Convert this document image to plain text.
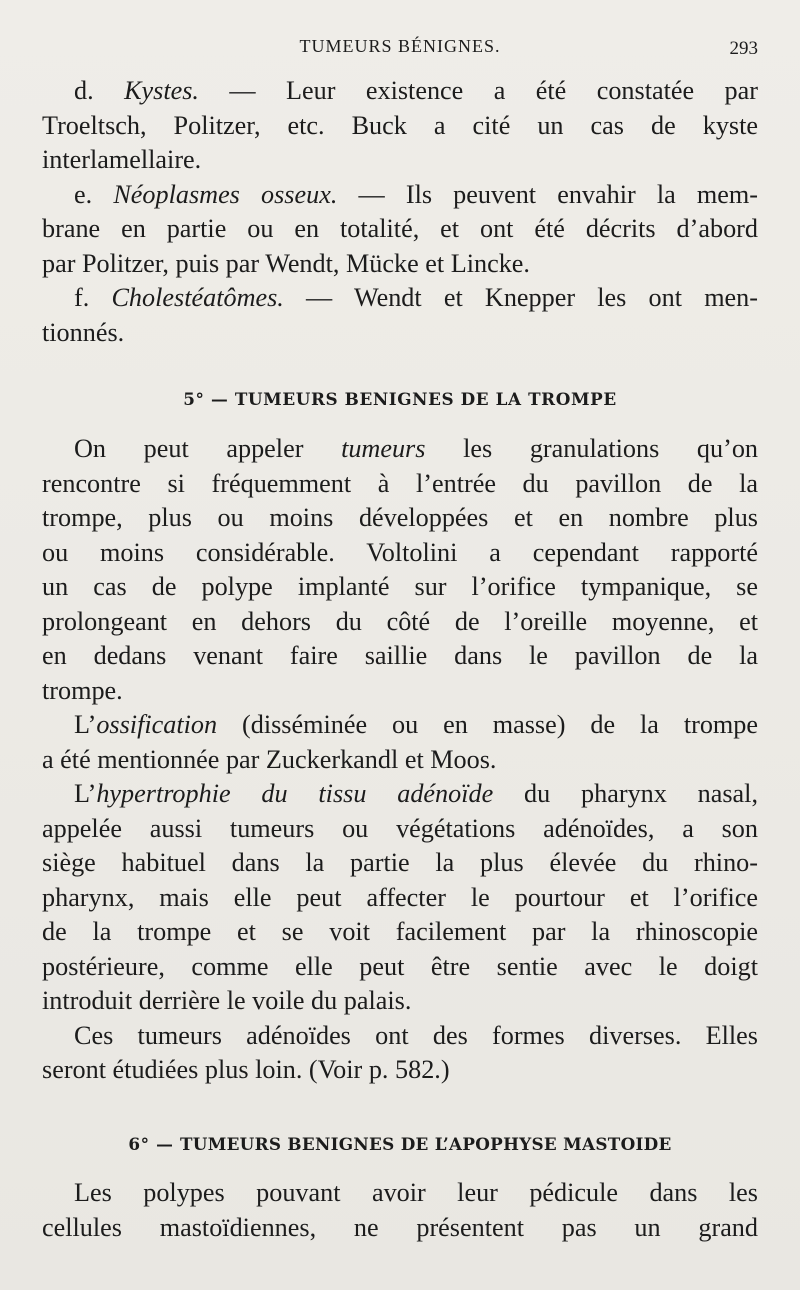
TUMEURS BÉNIGNES.	293
d. Kystes. — Leur existence a été constatée par
Troeltsch, Politzer, etc. Buck a cité un cas de kyste
interlamellaire.
e. Néoplasmes osseux. — Ils peuvent envahir la mem-
brane en partie ou en totalité, et ont été décrits d’abord
par Politzer, puis par Wendt, Mücke et Lincke.
f. Cholestéatômes. — Wendt et Knepper les ont men-
tionnés.
5° — TUMEURS BENIGNES DE LA TROMPE
On peut appeler tumeurs les granulations qu’on
rencontre si fréquemment à l’entrée du pavillon de la
trompe, plus ou moins développées et en nombre plus
ou moins considérable. Voltolini a cependant rapporté
un cas de polype implanté sur l’orifice tympanique, se
prolongeant en dehors du côté de l’oreille moyenne, et
en dedans venant faire saillie dans le pavillon de la
trompe.
L’ossification (disséminée ou en masse) de la trompe
a été mentionnée par Zuckerkandl et Moos.
L’hypertrophie du tissu adénoïde du pharynx nasal,
appelée aussi tumeurs ou végétations adénoïdes, a son
siège habituel dans la partie la plus élevée du rhino-
pharynx, mais elle peut affecter le pourtour et l’orifice
de la trompe et se voit facilement par la rhinoscopie
postérieure, comme elle peut être sentie avec le doigt
introduit derrière le voile du palais.
Ces tumeurs adénoïdes ont des formes diverses. Elles
seront étudiées plus loin. (Voir p. 582.)
6° — TUMEURS BENIGNES DE L’APOPHYSE MASTOIDE
Les polypes pouvant avoir leur pédicule dans les
cellules mastoïdiennes, ne présentent pas un grand
